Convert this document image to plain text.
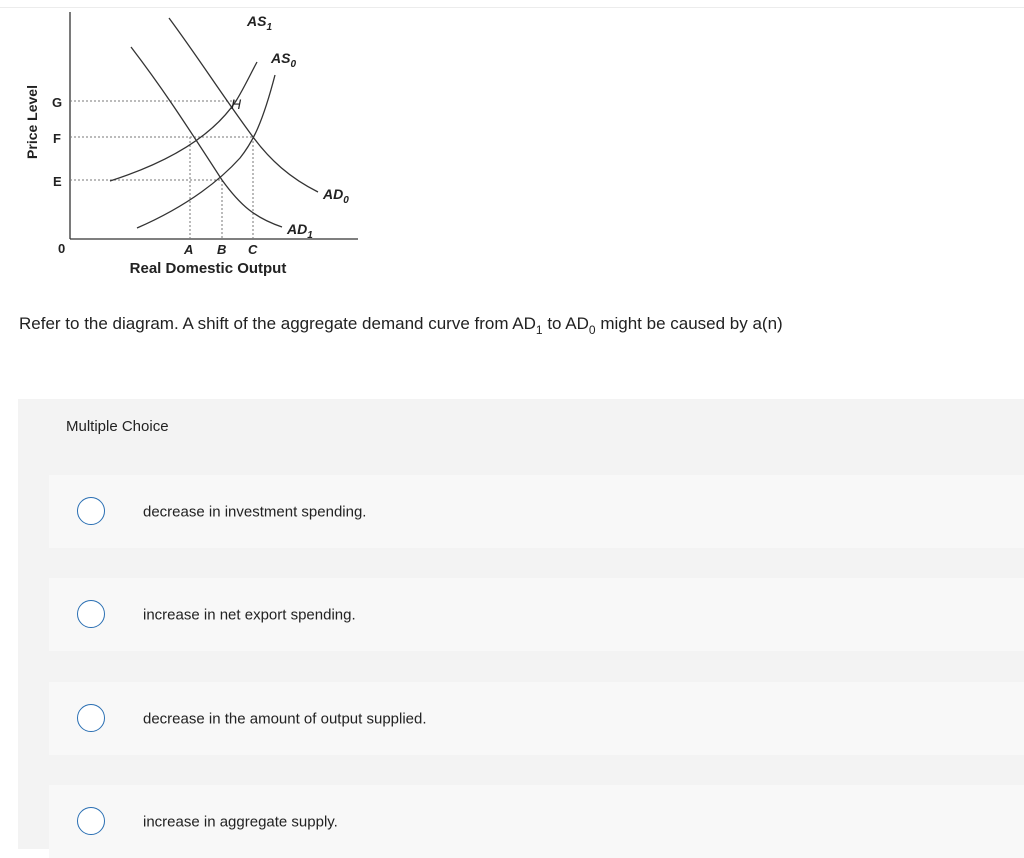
$AS_1$
$AS_0$
$AD_0$
$AD_1$
H
G
F
E
0	A B C
Real Domestic Output
Price Level
Refer to the diagram. A shift of the aggregate demand curve from $AD_1$ to $AD_0$ might be caused by a(n)
Multiple Choice
decrease in investment spending.
increase in net export spending.
decrease in the amount of output supplied.
increase in aggregate supply.
